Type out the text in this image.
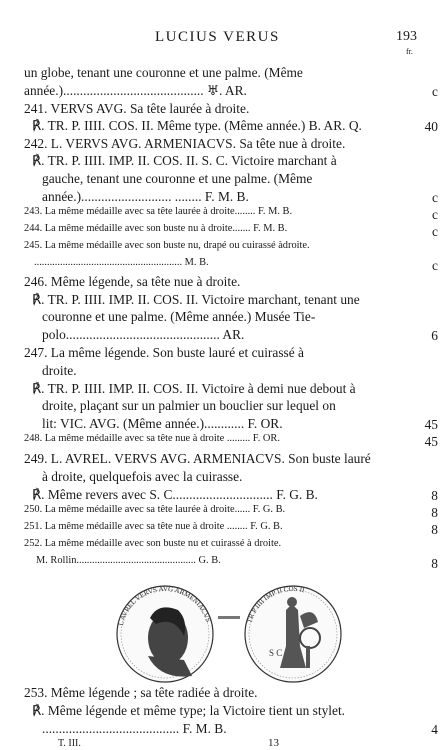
LUCIUS VERUS	193
fr.
un globe, tenant une couronne et une palme. (Même
année.).......................................... ♅. AR.	c
241. VERVS AVG. Sa tête laurée à droite.
℟. TR. P. IIII. COS. II. Même type. (Même année.) B. AR. Q.	40
242. L. VERVS AVG. ARMENIACVS. Sa tête nue à droite.
℟. TR. P. IIII. IMP. II. COS. II. S. C. Victoire marchant à
gauche, tenant une couronne et une palme. (Même
année.)........................... ........ F. M. B.	c
243. La même médaille avec sa tête laurée à droite........ F. M. B.	c
244. La même médaille avec son buste nu à droite....... F. M. B.	c
245. La même médaille avec son buste nu, drapé ou cuirassé àdroite.
......................................................... M. B.	c
246. Même légende, sa tête nue à droite.
℟. TR. P. IIII. IMP. II. COS. II. Victoire marchant, tenant une
couronne et une palme. (Même année.) Musée Tie-
polo.............................................. AR.	6
247. La même légende. Son buste lauré et cuirassé à
droite.
℟. TR. P. IIII. IMP. II. COS. II. Victoire à demi nue debout à
droite, plaçant sur un palmier un bouclier sur lequel on
lit: VIC. AVG. (Même année.)............ F. OR.	45
248. La même médaille avec sa tête nue à droite ......... F. OR.	45
249. L. AVREL. VERVS AVG. ARMENIACVS. Son buste lauré
à droite, quelquefois avec la cuirasse.
℟. Même revers avec S. C.............................. F. G. B.	8
250. La même médaille avec sa tête laurée à droite...... F. G. B.	8
251. La même médaille avec sa tête nue à droite ........ F. G. B.	8
252. La même médaille avec son buste nu et cuirassé à droite.
M. Rollin.............................................. G. B.	8
253. Même légende ; sa tête radiée à droite.
℟. Même légende et même type; la Victoire tient un stylet.
......................................... F. M. B.	4
L AVREL VERVS AVG ARMENIACVS	TR P IIII IMP II COS II
S C
T. III.	13
